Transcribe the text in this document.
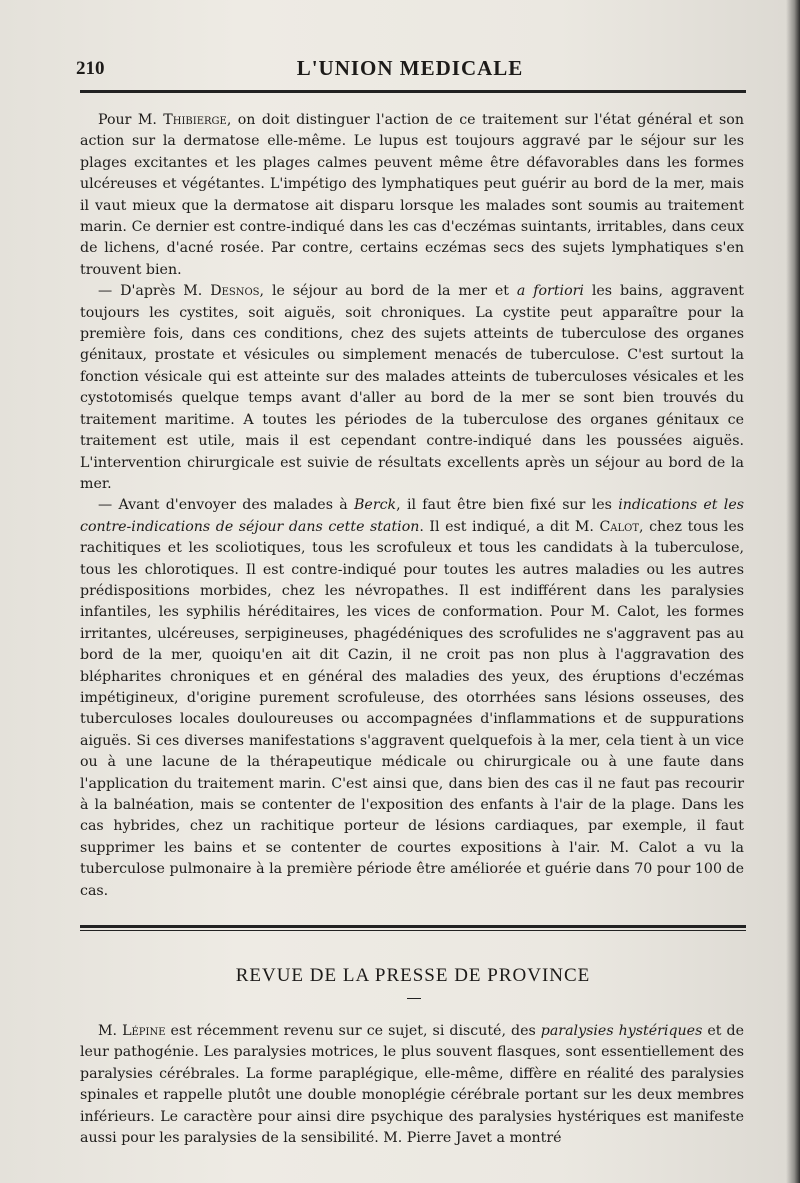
210	L'UNION MEDICALE

Pour M. Thibierge, on doit distinguer l'action de ce traitement sur l'état général et son action sur la dermatose elle-même. Le lupus est toujours aggravé par le séjour sur les plages excitantes et les plages calmes peuvent même être défavorables dans les formes ulcéreuses et végétantes. L'impétigo des lymphatiques peut guérir au bord de la mer, mais il vaut mieux que la dermatose ait disparu lorsque les malades sont soumis au traitement marin. Ce dernier est contre-indiqué dans les cas d'eczémas suintants, irritables, dans ceux de lichens, d'acné rosée. Par contre, certains eczémas secs des sujets lymphatiques s'en trouvent bien.

— D'après M. Desnos, le séjour au bord de la mer et a fortiori les bains, aggravent toujours les cystites, soit aiguës, soit chroniques. La cystite peut apparaître pour la première fois, dans ces conditions, chez des sujets atteints de tuberculose des organes génitaux, prostate et vésicules ou simplement menacés de tuberculose. C'est surtout la fonction vésicale qui est atteinte sur des malades atteints de tuberculoses vésicales et les cystotomisés quelque temps avant d'aller au bord de la mer se sont bien trouvés du traitement maritime. A toutes les périodes de la tuberculose des organes génitaux ce traitement est utile, mais il est cependant contre-indiqué dans les poussées aiguës. L'intervention chirurgicale est suivie de résultats excellents après un séjour au bord de la mer.

— Avant d'envoyer des malades à Berck, il faut être bien fixé sur les indications et les contre-indications de séjour dans cette station. Il est indiqué, a dit M. Calot, chez tous les rachitiques et les scoliotiques, tous les scrofuleux et tous les candidats à la tuberculose, tous les chlorotiques. Il est contre-indiqué pour toutes les autres maladies ou les autres prédispositions morbides, chez les névropathes. Il est indifférent dans les paralysies infantiles, les syphilis héréditaires, les vices de conformation. Pour M. Calot, les formes irritantes, ulcéreuses, serpigineuses, phagédéniques des scrofulides ne s'aggravent pas au bord de la mer, quoiqu'en ait dit Cazin, il ne croit pas non plus à l'aggravation des blépharites chroniques et en général des maladies des yeux, des éruptions d'eczémas impétigineux, d'origine purement scrofuleuse, des otorrhées sans lésions osseuses, des tuberculoses locales douloureuses ou accompagnées d'inflammations et de suppurations aiguës. Si ces diverses manifestations s'aggravent quelquefois à la mer, cela tient à un vice ou à une lacune de la thérapeutique médicale ou chirurgicale ou à une faute dans l'application du traitement marin. C'est ainsi que, dans bien des cas il ne faut pas recourir à la balnéation, mais se contenter de l'exposition des enfants à l'air de la plage. Dans les cas hybrides, chez un rachitique porteur de lésions cardiaques, par exemple, il faut supprimer les bains et se contenter de courtes expositions à l'air. M. Calot a vu la tuberculose pulmonaire à la première période être améliorée et guérie dans 70 pour 100 de cas.

REVUE DE LA PRESSE DE PROVINCE

M. Lépine est récemment revenu sur ce sujet, si discuté, des paralysies hystériques et de leur pathogénie. Les paralysies motrices, le plus souvent flasques, sont essentiellement des paralysies cérébrales. La forme paraplégique, elle-même, diffère en réalité des paralysies spinales et rappelle plutôt une double monoplégie cérébrale portant sur les deux membres inférieurs. Le caractère pour ainsi dire psychique des paralysies hystériques est manifeste aussi pour les paralysies de la sensibilité. M. Pierre Javet a montré
